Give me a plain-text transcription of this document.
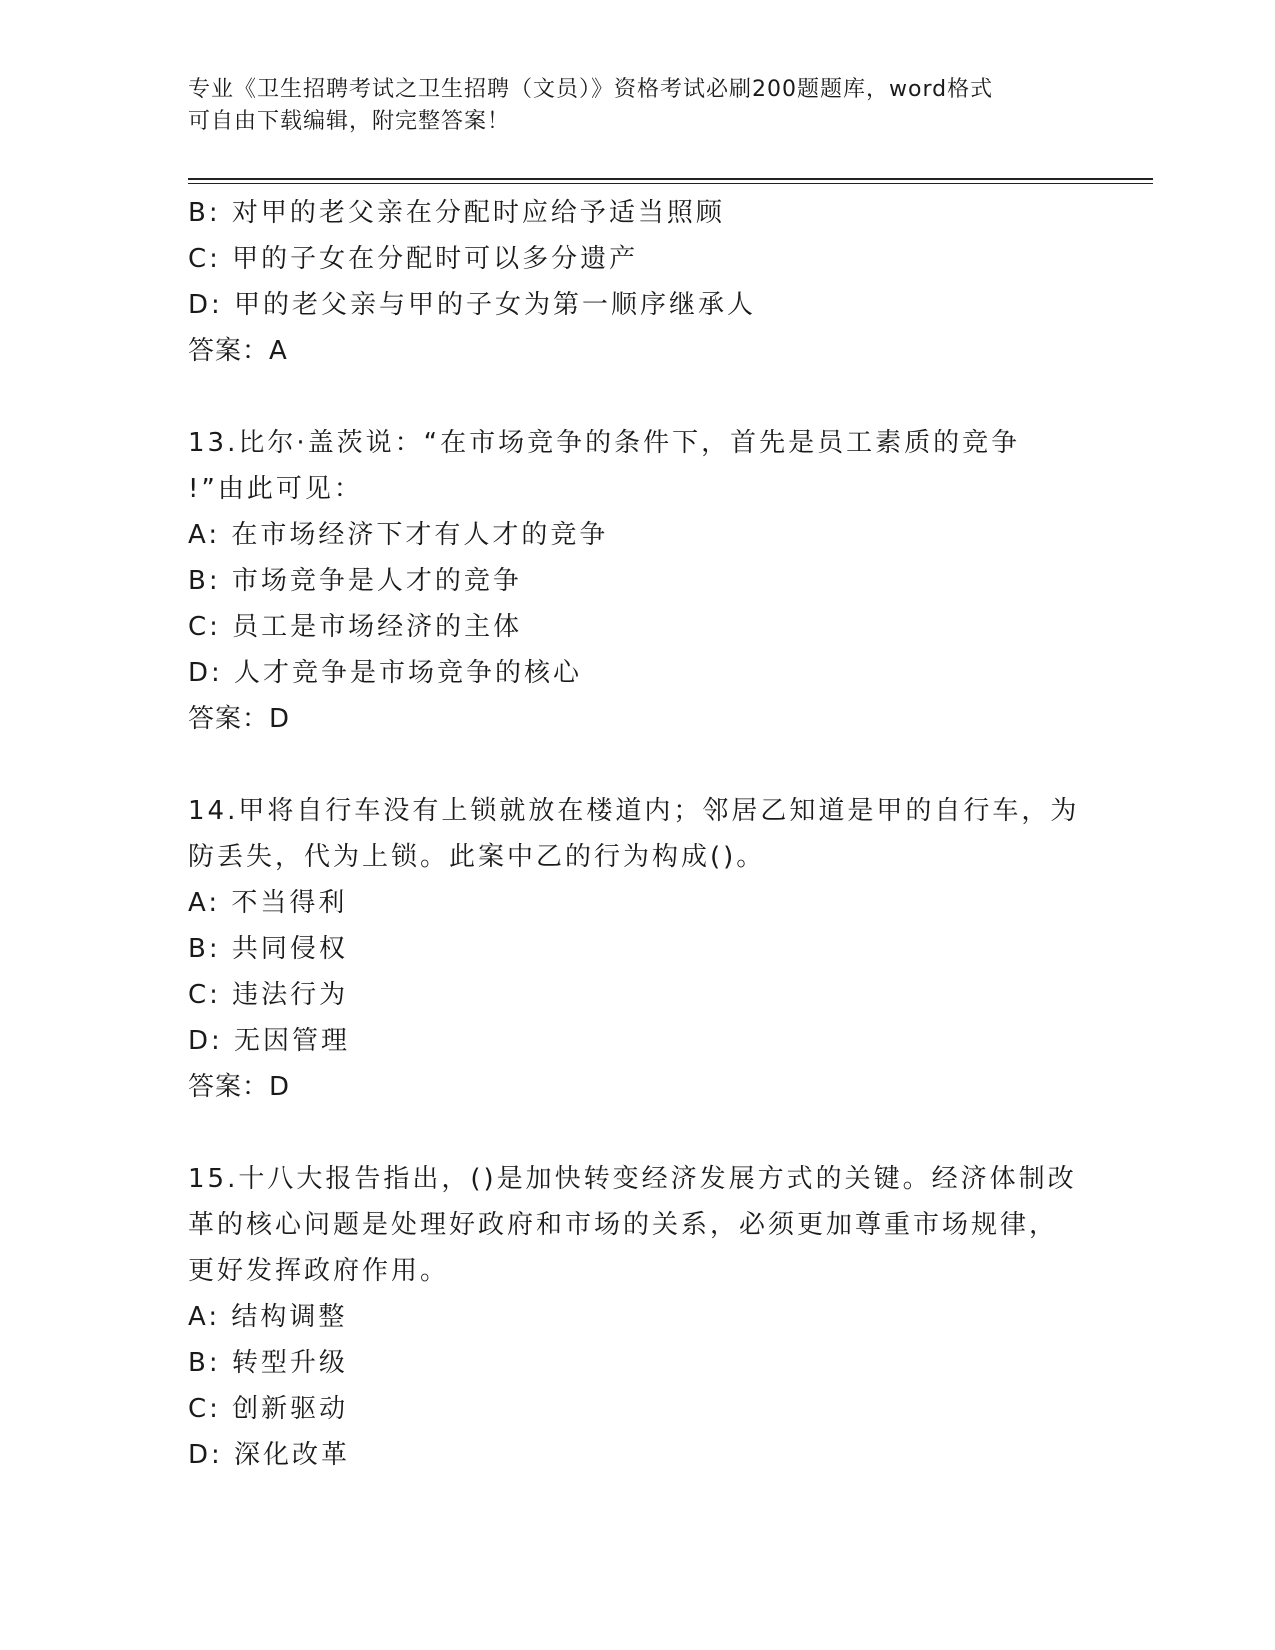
专业《卫生招聘考试之卫生招聘（文员）》资格考试必刷200题题库，word格式
可自由下载编辑，附完整答案！
B: 对甲的老父亲在分配时应给予适当照顾
C: 甲的子女在分配时可以多分遗产
D: 甲的老父亲与甲的子女为第一顺序继承人
答案：A
13.比尔·盖茨说：“在市场竞争的条件下，首先是员工素质的竞争
!”由此可见：
A: 在市场经济下才有人才的竞争
B: 市场竞争是人才的竞争
C: 员工是市场经济的主体
D: 人才竞争是市场竞争的核心
答案：D
14.甲将自行车没有上锁就放在楼道内；邻居乙知道是甲的自行车，为
防丢失，代为上锁。此案中乙的行为构成()。
A: 不当得利
B: 共同侵权
C: 违法行为
D: 无因管理
答案：D
15.十八大报告指出，()是加快转变经济发展方式的关键。经济体制改
革的核心问题是处理好政府和市场的关系，必须更加尊重市场规律，
更好发挥政府作用。
A: 结构调整
B: 转型升级
C: 创新驱动
D: 深化改革
